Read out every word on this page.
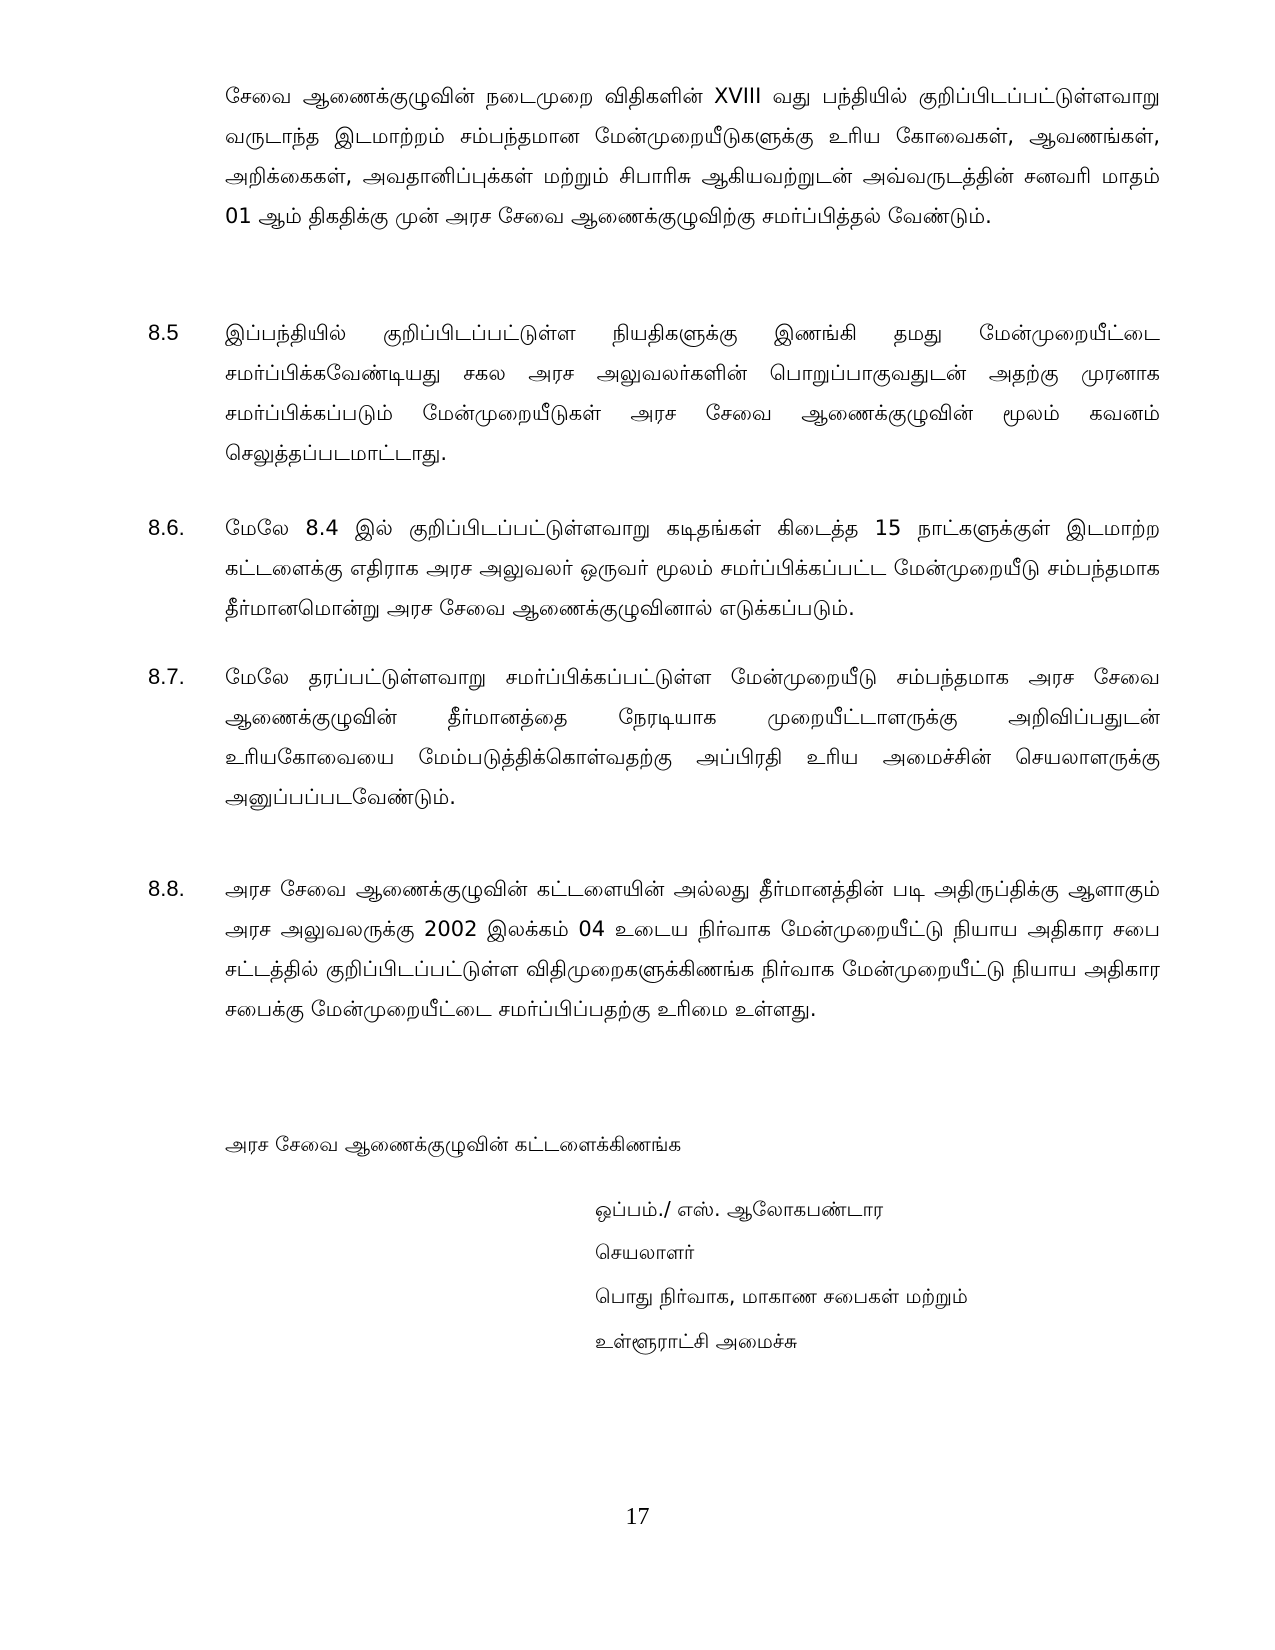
சேவை ஆணைக்குழுவின் நடைமுறை விதிகளின் XVIII வது பந்தியில் குறிப்பிடப்பட்டுள்ளவாறு வருடாந்த இடமாற்றம் சம்பந்தமான மேன்முறையீடுகளுக்கு உரிய கோவைகள், ஆவணங்கள், அறிக்கைகள், அவதானிப்புக்கள் மற்றும் சிபாரிசு ஆகியவற்றுடன் அவ்வருடத்தின் சனவரி மாதம் 01 ஆம் திகதிக்கு முன் அரச சேவை ஆணைக்குழுவிற்கு சமர்ப்பித்தல் வேண்டும்.

8.5 இப்பந்தியில் குறிப்பிடப்பட்டுள்ள நியதிகளுக்கு இணங்கி தமது மேன்முறையீட்டை சமர்ப்பிக்கவேண்டியது சகல அரச அலுவலர்களின் பொறுப்பாகுவதுடன் அதற்கு முரனாக சமர்ப்பிக்கப்படும் மேன்முறையீடுகள் அரச சேவை ஆணைக்குழுவின் மூலம் கவனம் செலுத்தப்படமாட்டாது.

8.6. மேலே 8.4 இல் குறிப்பிடப்பட்டுள்ளவாறு கடிதங்கள் கிடைத்த 15 நாட்களுக்குள் இடமாற்ற கட்டளைக்கு எதிராக அரச அலுவலர் ஒருவர் மூலம் சமர்ப்பிக்கப்பட்ட மேன்முறையீடு சம்பந்தமாக தீர்மானமொன்று அரச சேவை ஆணைக்குழுவினால் எடுக்கப்படும்.

8.7. மேலே தரப்பட்டுள்ளவாறு சமர்ப்பிக்கப்பட்டுள்ள மேன்முறையீடு சம்பந்தமாக அரச சேவை ஆணைக்குழுவின் தீர்மானத்தை நேரடியாக முறையீட்டாளருக்கு அறிவிப்பதுடன் உரியகோவையை மேம்படுத்திக்கொள்வதற்கு அப்பிரதி உரிய அமைச்சின் செயலாளருக்கு அனுப்பப்படவேண்டும்.

8.8. அரச சேவை ஆணைக்குழுவின் கட்டளையின் அல்லது தீர்மானத்தின் படி அதிருப்திக்கு ஆளாகும் அரச அலுவலருக்கு 2002 இலக்கம் 04 உடைய நிர்வாக மேன்முறையீட்டு நியாய அதிகார சபை சட்டத்தில் குறிப்பிடப்பட்டுள்ள விதிமுறைகளுக்கிணங்க நிர்வாக மேன்முறையீட்டு நியாய அதிகார சபைக்கு மேன்முறையீட்டை சமர்ப்பிப்பதற்கு உரிமை உள்ளது.

அரச சேவை ஆணைக்குழுவின் கட்டளைக்கிணங்க

ஒப்பம்./ எஸ். ஆலோகபண்டார

செயலாளர்

பொது நிர்வாக, மாகாண சபைகள் மற்றும்

உள்ளூராட்சி அமைச்சு

17
